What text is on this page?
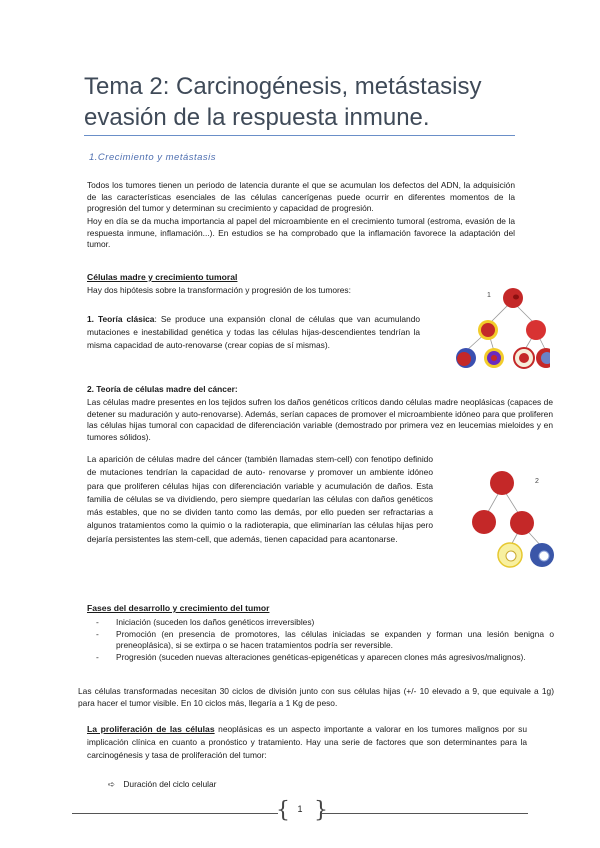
Tema 2: Carcinogénesis, metástasisy evasión de la respuesta inmune.
1.Crecimiento y metástasis
Todos los tumores tienen un periodo de latencia durante el que se acumulan los defectos del ADN, la adquisición de las características esenciales de las células cancerígenas puede ocurrir en diferentes momentos de la progresión del tumor y determinan su crecimiento y capacidad de progresión.
Hoy en día se da mucha importancia al papel del microambiente en el crecimiento tumoral (estroma, evasión de la respuesta inmune, inflamación...). En estudios se ha comprobado que la inflamación favorece la adaptación del tumor.
Células madre y crecimiento tumoral
Hay dos hipótesis sobre la transformación y progresión de los tumores:
1. Teoría clásica: Se produce una expansión clonal de células que van acumulando mutaciones e inestabilidad genética y todas las células hijas-descendientes tendrían la misma capacidad de auto-renovarse (crear copias de sí mismas).
1
2. Teoría de células madre del cáncer:
Las células madre presentes en los tejidos sufren los daños genéticos críticos dando células madre neoplásicas (capaces de detener su maduración y auto-renovarse). Además, serían capaces de promover el microambiente idóneo para que proliferen las células hijas tumoral con capacidad de diferenciación variable (demostrado por primera vez en leucemias mieloides y en tumores sólidos).
La aparición de células madre del cáncer (también llamadas stem-cell) con fenotipo definido de mutaciones tendrían la capacidad de auto- renovarse y promover un ambiente idóneo para que proliferen células hijas con diferenciación variable y acumulación de daños. Esta familia de células se va dividiendo, pero siempre quedarían las células con daños genéticos más estables, que no se dividen tanto como las demás, por ello pueden ser refractarias a algunos tratamientos como la quimio o la radioterapia, que eliminarían las células hijas pero dejaría persistentes las stem-cell, que además, tienen capacidad para acantonarse.
2
Fases del desarrollo y crecimiento del tumor
- Iniciación (suceden los daños genéticos irreversibles)
- Promoción (en presencia de promotores, las células iniciadas se expanden y forman una lesión benigna o preneoplásica), si se extirpa o se hacen tratamientos podría ser reversible.
- Progresión (suceden nuevas alteraciones genéticas-epigenéticas y aparecen clones más agresivos/malignos).
Las células transformadas necesitan 30 ciclos de división junto con sus células hijas (+/- 10 elevado a 9, que equivale a 1g) para hacer el tumor visible. En 10 ciclos más, llegaría a 1 Kg de peso.
La proliferación de las células neoplásicas es un aspecto importante a valorar en los tumores malignos por su implicación clínica en cuanto a pronóstico y tratamiento. Hay una serie de factores que son determinantes para la carcinogénesis y tasa de proliferación del tumor:
➪ Duración del ciclo celular
{ }
1
